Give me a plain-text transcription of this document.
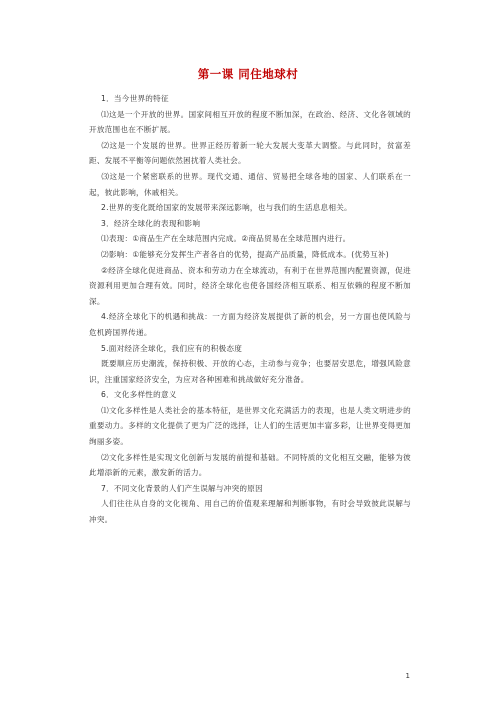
第一课 同住地球村
1．当今世界的特征
⑴这是一个开放的世界。国家间相互开放的程度不断加深，在政治、经济、文化各领域的开放范围也在不断扩展。
⑵这是一个发展的世界。世界正经历着新一轮大发展大变革大调整。与此同时，贫富差距、发展不平衡等问题依然困扰着人类社会。
⑶这是一个紧密联系的世界。现代交通、通信、贸易把全球各地的国家、人们联系在一起，彼此影响，休戚相关。
2.世界的变化既给国家的发展带来深远影响，也与我们的生活息息相关。
3．经济全球化的表现和影响
⑴表现：①商品生产在全球范围内完成。②商品贸易在全球范围内进行。
⑵影响：①能够充分发挥生产者各自的优势，提高产品质量，降低成本。(优势互补)
②经济全球化促进商品、资本和劳动力在全球流动，有利于在世界范围内配置资源，促进资源利用更加合理有效。同时，经济全球化也使各国经济相互联系、相互依赖的程度不断加深。
4.经济全球化下的机遇和挑战：一方面为经济发展提供了新的机会，另一方面也使风险与危机跨国界传递。
5.面对经济全球化，我们应有的积极态度
既要顺应历史潮流，保持积极、开放的心态，主动参与竞争；也要居安思危，增强风险意识，注重国家经济安全，为应对各种困难和挑战做好充分准备。
6．文化多样性的意义
⑴文化多样性是人类社会的基本特征，是世界文化充满活力的表现，也是人类文明进步的重要动力。多样的文化提供了更为广泛的选择，让人们的生活更加丰富多彩，让世界变得更加绚丽多姿。
⑵文化多样性是实现文化创新与发展的前提和基础。不同特质的文化相互交融，能够为彼此增添新的元素，激发新的活力。
7．不同文化背景的人们产生误解与冲突的原因
人们往往从自身的文化视角、用自己的价值观来理解和判断事物，有时会导致彼此误解与冲突。
1
